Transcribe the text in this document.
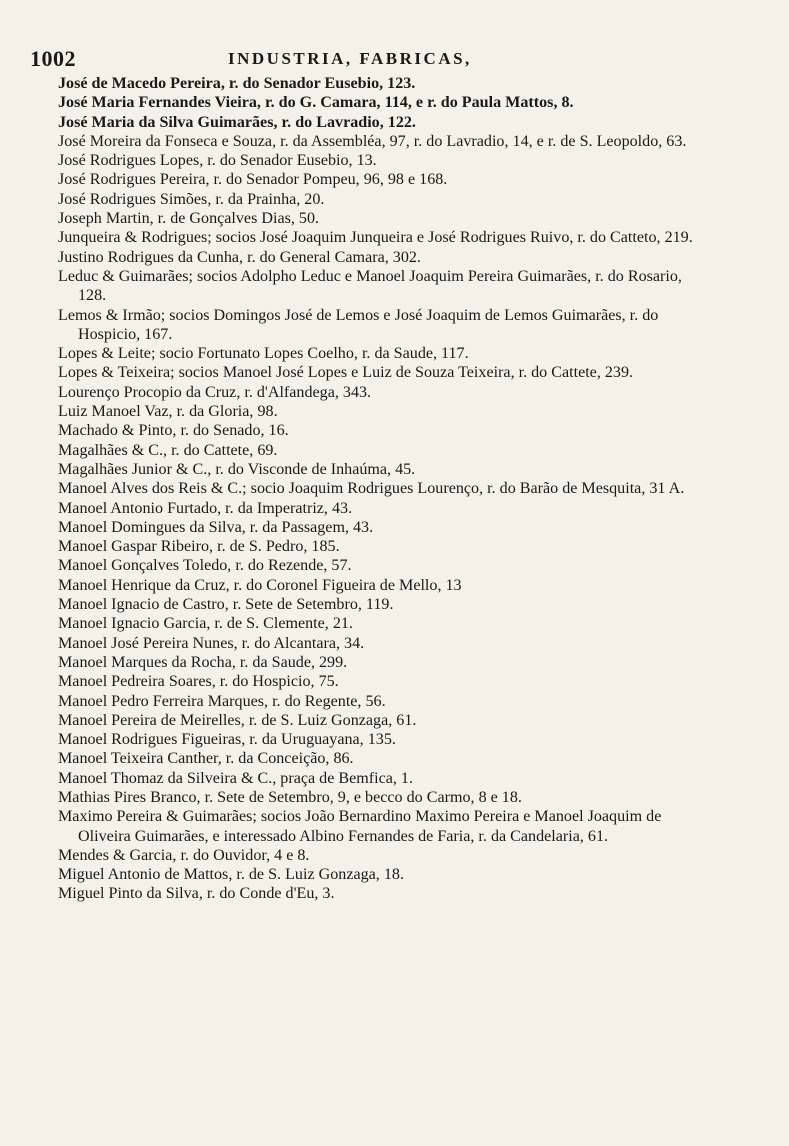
1002	INDUSTRIA, FABRICAS,
José de Macedo Pereira, r. do Senador Eusebio, 123.
José Maria Fernandes Vieira, r. do G. Camara, 114, e r. do Paula Mattos, 8.
José Maria da Silva Guimarães, r. do Lavradio, 122.
José Moreira da Fonseca e Souza, r. da Assembléa, 97, r. do Lavradio, 14, e r. de S. Leopoldo, 63.
José Rodrigues Lopes, r. do Senador Eusebio, 13.
José Rodrigues Pereira, r. do Senador Pompeu, 96, 98 e 168.
José Rodrigues Simões, r. da Prainha, 20.
Joseph Martin, r. de Gonçalves Dias, 50.
Junqueira & Rodrigues; socios José Joaquim Junqueira e José Rodrigues Ruivo, r. do Catteto, 219.
Justino Rodrigues da Cunha, r. do General Camara, 302.
Leduc & Guimarães; socios Adolpho Leduc e Manoel Joaquim Pereira Guimarães, r. do Rosario, 128.
Lemos & Irmão; socios Domingos José de Lemos e José Joaquim de Lemos Guimarães, r. do Hospicio, 167.
Lopes & Leite; socio Fortunato Lopes Coelho, r. da Saude, 117.
Lopes & Teixeira; socios Manoel José Lopes e Luiz de Souza Teixeira, r. do Cattete, 239.
Lourenço Procopio da Cruz, r. d'Alfandega, 343.
Luiz Manoel Vaz, r. da Gloria, 98.
Machado & Pinto, r. do Senado, 16.
Magalhães & C., r. do Cattete, 69.
Magalhães Junior & C., r. do Visconde de Inhaúma, 45.
Manoel Alves dos Reis & C.; socio Joaquim Rodrigues Lourenço, r. do Barão de Mesquita, 31 A.
Manoel Antonio Furtado, r. da Imperatriz, 43.
Manoel Domingues da Silva, r. da Passagem, 43.
Manoel Gaspar Ribeiro, r. de S. Pedro, 185.
Manoel Gonçalves Toledo, r. do Rezende, 57.
Manoel Henrique da Cruz, r. do Coronel Figueira de Mello, 13
Manoel Ignacio de Castro, r. Sete de Setembro, 119.
Manoel Ignacio Garcia, r. de S. Clemente, 21.
Manoel José Pereira Nunes, r. do Alcantara, 34.
Manoel Marques da Rocha, r. da Saude, 299.
Manoel Pedreira Soares, r. do Hospicio, 75.
Manoel Pedro Ferreira Marques, r. do Regente, 56.
Manoel Pereira de Meirelles, r. de S. Luiz Gonzaga, 61.
Manoel Rodrigues Figueiras, r. da Uruguayana, 135.
Manoel Teixeira Canther, r. da Conceição, 86.
Manoel Thomaz da Silveira & C., praça de Bemfica, 1.
Mathias Pires Branco, r. Sete de Setembro, 9, e becco do Carmo, 8 e 18.
Maximo Pereira & Guimarães; socios João Bernardino Maximo Pereira e Manoel Joaquim de Oliveira Guimarães, e interessado Albino Fernandes de Faria, r. da Candelaria, 61.
Mendes & Garcia, r. do Ouvidor, 4 e 8.
Miguel Antonio de Mattos, r. de S. Luiz Gonzaga, 18.
Miguel Pinto da Silva, r. do Conde d'Eu, 3.
